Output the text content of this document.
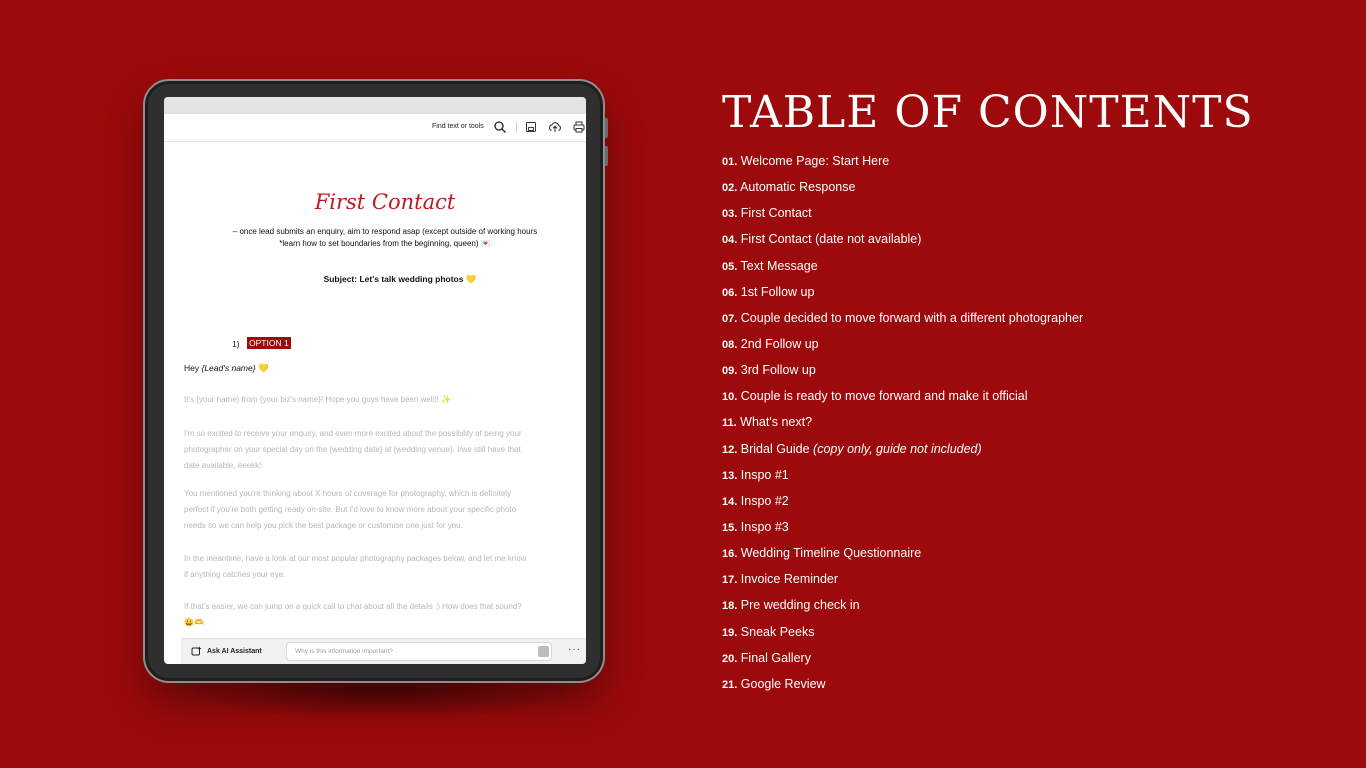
Find text or tools
First Contact
– once lead submits an enquiry, aim to respond asap (except outside of working hours
*learn how to set boundaries from the beginning, queen) 💌
Subject: Let's talk wedding photos 💛
1) OPTION 1
Hey {Lead's name} 💛
It's {your name} from {your biz's name}! Hope you guys have been well!! ✨
I'm so excited to receive your enquiry, and even more excited about the possibility of being your
photographer on your special day on the {wedding date} at {wedding venue}. I/we still have that
date available, eeekk!
You mentioned you're thinking about X hours of coverage for photography, which is definitely
perfect if you're both getting ready on-site. But I'd love to know more about your specific photo
needs so we can help you pick the best package or customise one just for you.
In the meantime, have a look at our most popular photography packages below, and let me know
if anything catches your eye.
If that's easier, we can jump on a quick call to chat about all the details :) How does that sound?
😀🫶
Ask AI Assistant	Why is this information important?	···
TABLE OF CONTENTS
01. Welcome Page: Start Here
02. Automatic Response
03. First Contact
04. First Contact (date not available)
05. Text Message
06. 1st Follow up
07. Couple decided to move forward with a different photographer
08. 2nd Follow up
09. 3rd Follow up
10. Couple is ready to move forward and make it official
11. What's next?
12. Bridal Guide (copy only, guide not included)
13. Inspo #1
14. Inspo #2
15. Inspo #3
16. Wedding Timeline Questionnaire
17. Invoice Reminder
18. Pre wedding check in
19. Sneak Peeks
20. Final Gallery
21. Google Review
